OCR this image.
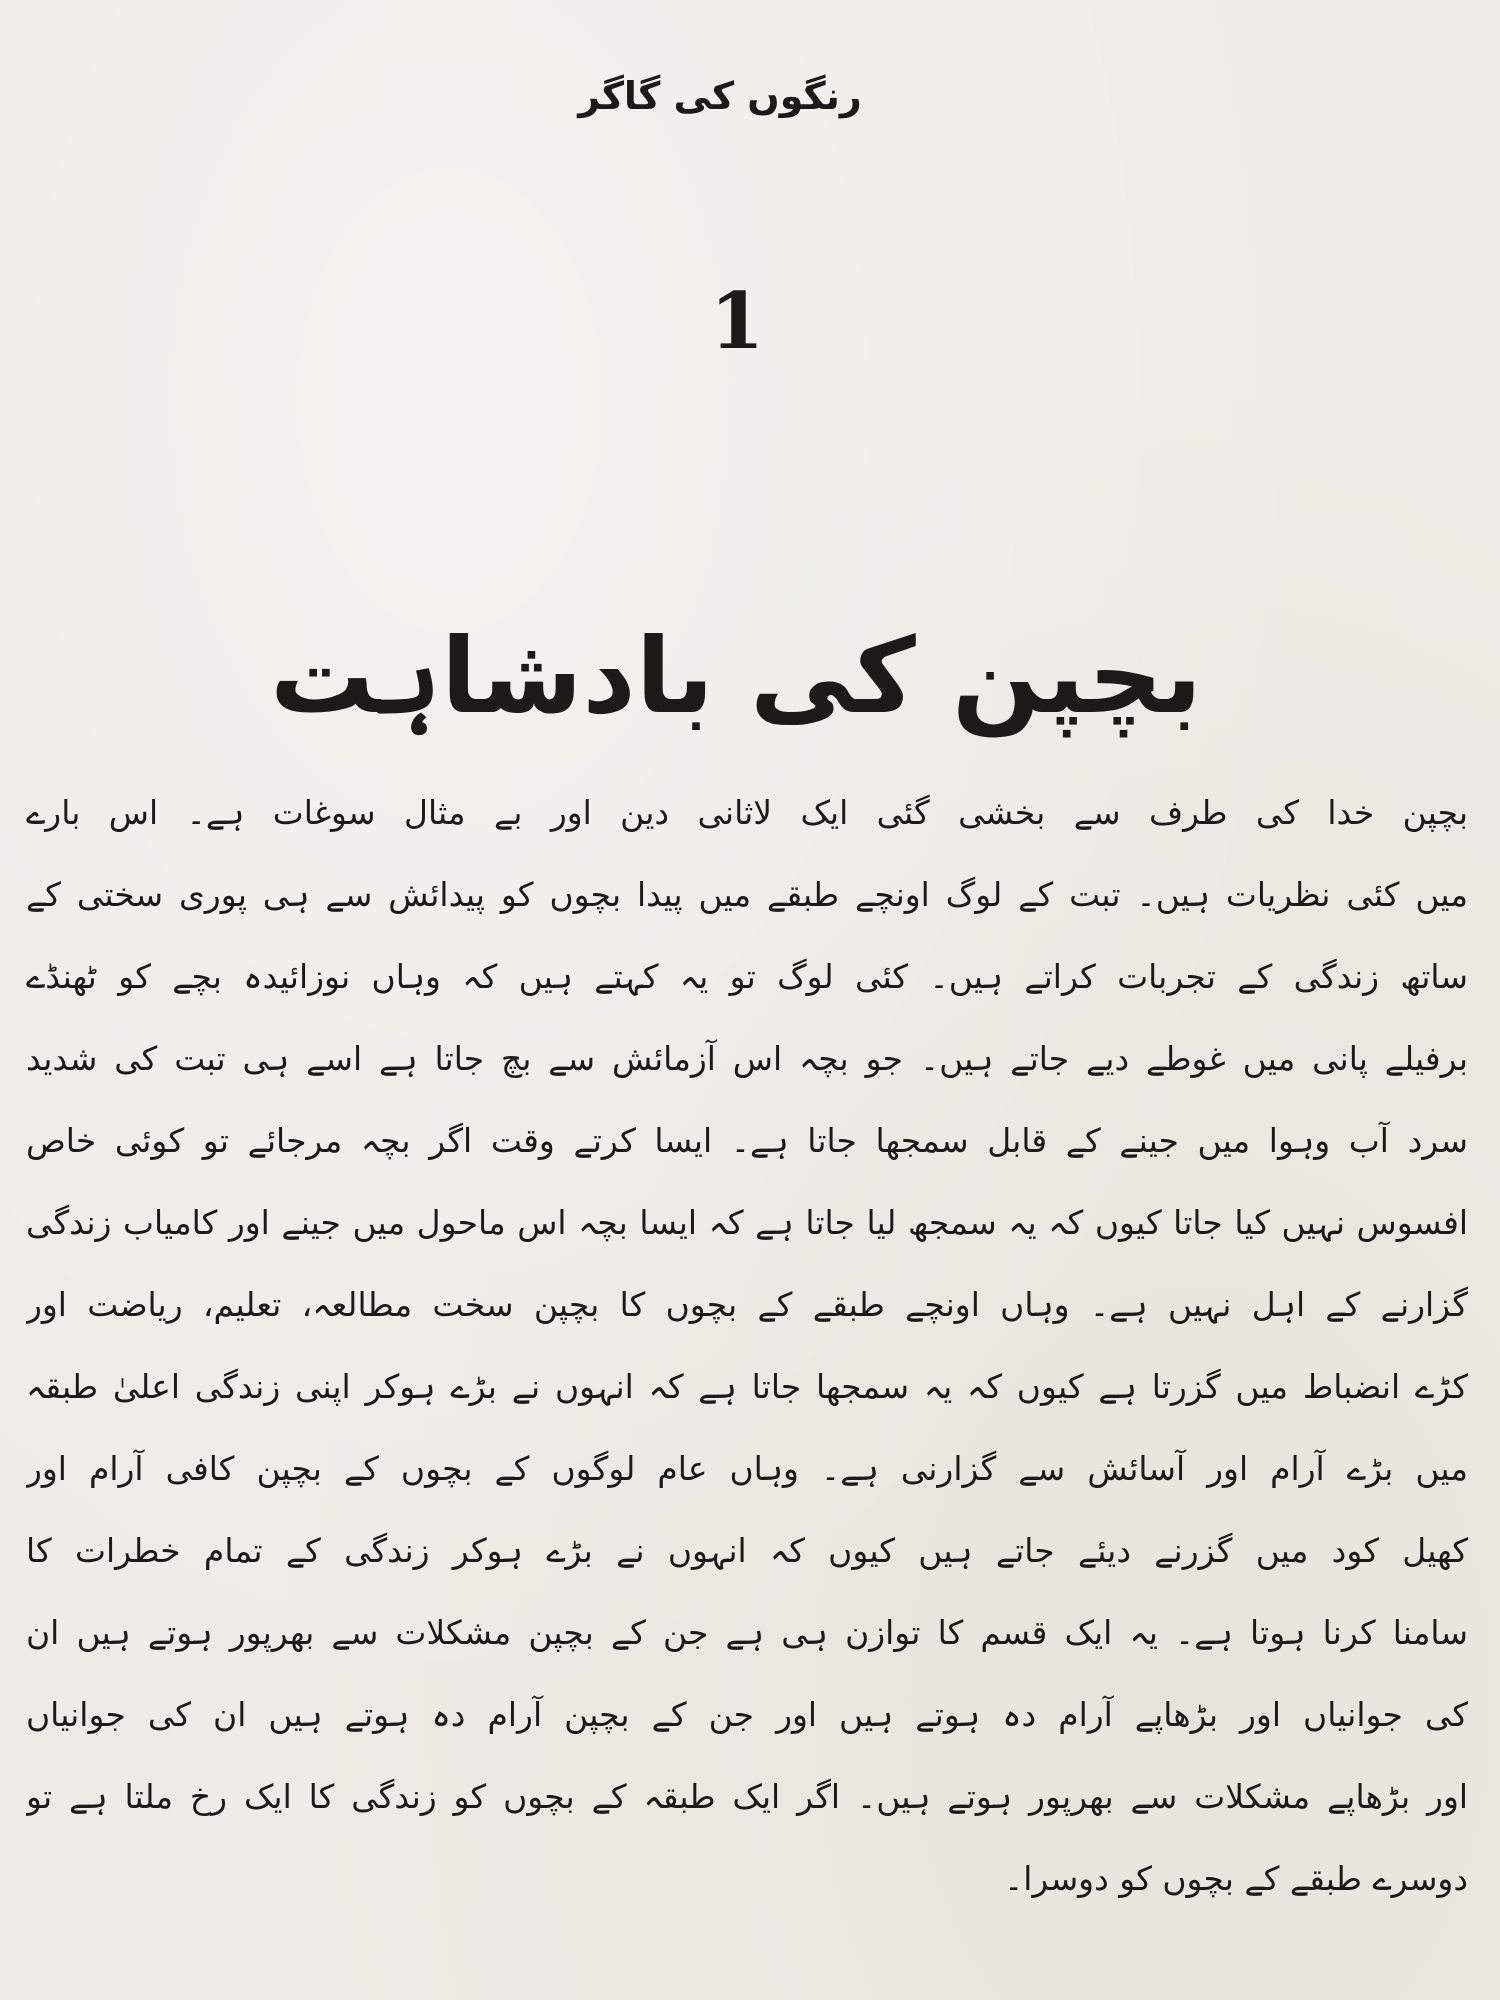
رنگوں کی گاگر
1
بچپن کی بادشاہت
بچپن خدا کی طرف سے بخشی گئی ایک لاثانی دین اور بے مثال سوغات ہے۔ اس بارے
میں کئی نظریات ہیں۔ تبت کے لوگ اونچے طبقے میں پیدا بچوں کو پیدائش سے ہی پوری سختی کے
ساتھ زندگی کے تجربات کراتے ہیں۔ کئی لوگ تو یہ کہتے ہیں کہ وہاں نوزائیدہ بچے کو ٹھنڈے
برفیلے پانی میں غوطے دیے جاتے ہیں۔ جو بچہ اس آزمائش سے بچ جاتا ہے اسے ہی تبت کی شدید
سرد آب وہوا میں جینے کے قابل سمجھا جاتا ہے۔ ایسا کرتے وقت اگر بچہ مرجائے تو کوئی خاص
افسوس نہیں کیا جاتا کیوں کہ یہ سمجھ لیا جاتا ہے کہ ایسا بچہ اس ماحول میں جینے اور کامیاب زندگی
گزارنے کے اہل نہیں ہے۔ وہاں اونچے طبقے کے بچوں کا بچپن سخت مطالعہ، تعلیم، ریاضت اور
کڑے انضباط میں گزرتا ہے کیوں کہ یہ سمجھا جاتا ہے کہ انہوں نے بڑے ہوکر اپنی زندگی اعلیٰ طبقہ
میں بڑے آرام اور آسائش سے گزارنی ہے۔ وہاں عام لوگوں کے بچوں کے بچپن کافی آرام اور
کھیل کود میں گزرنے دیئے جاتے ہیں کیوں کہ انہوں نے بڑے ہوکر زندگی کے تمام خطرات کا
سامنا کرنا ہوتا ہے۔ یہ ایک قسم کا توازن ہی ہے جن کے بچپن مشکلات سے بھرپور ہوتے ہیں ان
کی جوانیاں اور بڑھاپے آرام دہ ہوتے ہیں اور جن کے بچپن آرام دہ ہوتے ہیں ان کی جوانیاں
اور بڑھاپے مشکلات سے بھرپور ہوتے ہیں۔ اگر ایک طبقہ کے بچوں کو زندگی کا ایک رخ ملتا ہے تو
دوسرے طبقے کے بچوں کو دوسرا۔
